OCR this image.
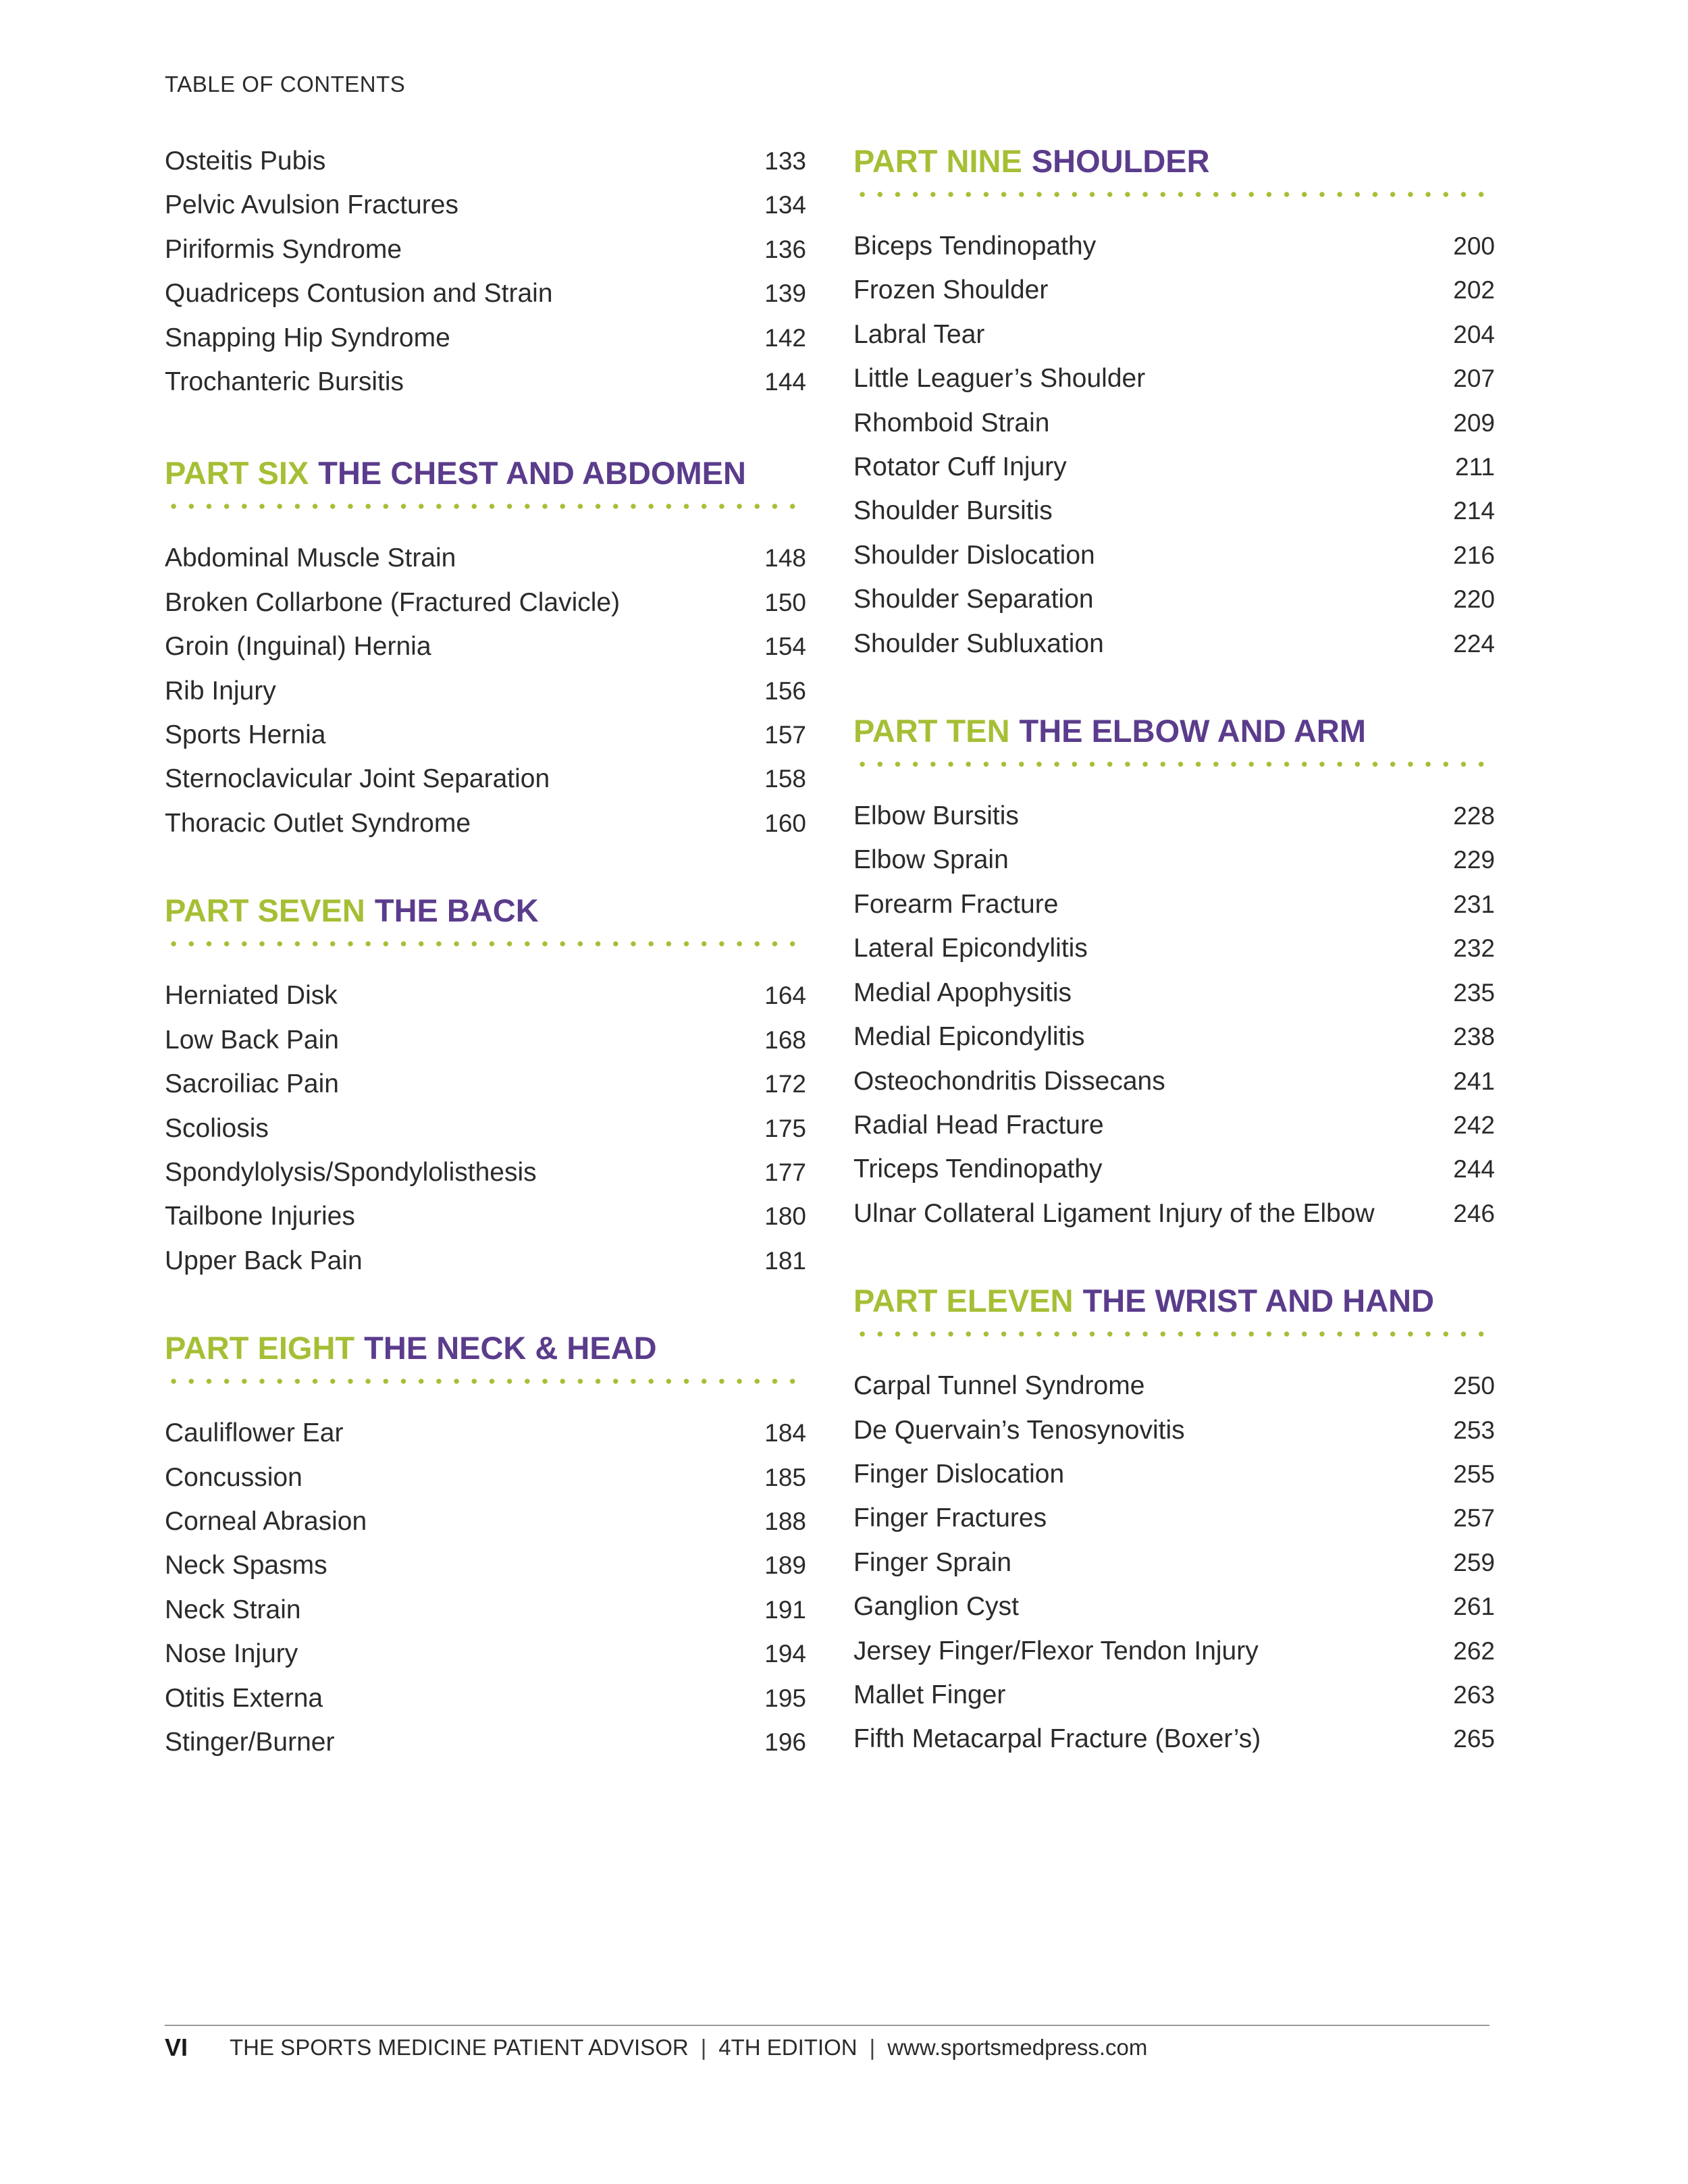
TABLE OF CONTENTS
Osteitis Pubis	133
Pelvic Avulsion Fractures	134
Piriformis Syndrome	136
Quadriceps Contusion and Strain	139
Snapping Hip Syndrome	142
Trochanteric Bursitis	144
PART SIX THE CHEST AND ABDOMEN
Abdominal Muscle Strain	148
Broken Collarbone (Fractured Clavicle)	150
Groin (Inguinal) Hernia	154
Rib Injury	156
Sports Hernia	157
Sternoclavicular Joint Separation	158
Thoracic Outlet Syndrome	160
PART SEVEN THE BACK
Herniated Disk	164
Low Back Pain	168
Sacroiliac Pain	172
Scoliosis	175
Spondylolysis/Spondylolisthesis	177
Tailbone Injuries	180
Upper Back Pain	181
PART EIGHT THE NECK & HEAD
Cauliflower Ear	184
Concussion	185
Corneal Abrasion	188
Neck Spasms	189
Neck Strain	191
Nose Injury	194
Otitis Externa	195
Stinger/Burner	196
PART NINE SHOULDER
Biceps Tendinopathy	200
Frozen Shoulder	202
Labral Tear	204
Little Leaguer’s Shoulder	207
Rhomboid Strain	209
Rotator Cuff Injury	211
Shoulder Bursitis	214
Shoulder Dislocation	216
Shoulder Separation	220
Shoulder Subluxation	224
PART TEN THE ELBOW AND ARM
Elbow Bursitis	228
Elbow Sprain	229
Forearm Fracture	231
Lateral Epicondylitis	232
Medial Apophysitis	235
Medial Epicondylitis	238
Osteochondritis Dissecans	241
Radial Head Fracture	242
Triceps Tendinopathy	244
Ulnar Collateral Ligament Injury of the Elbow	246
PART ELEVEN THE WRIST AND HAND
Carpal Tunnel Syndrome	250
De Quervain’s Tenosynovitis	253
Finger Dislocation	255
Finger Fractures	257
Finger Sprain	259
Ganglion Cyst	261
Jersey Finger/Flexor Tendon Injury	262
Mallet Finger	263
Fifth Metacarpal Fracture (Boxer’s)	265
VI THE SPORTS MEDICINE PATIENT ADVISOR | 4TH EDITION | www.sportsmedpress.com
